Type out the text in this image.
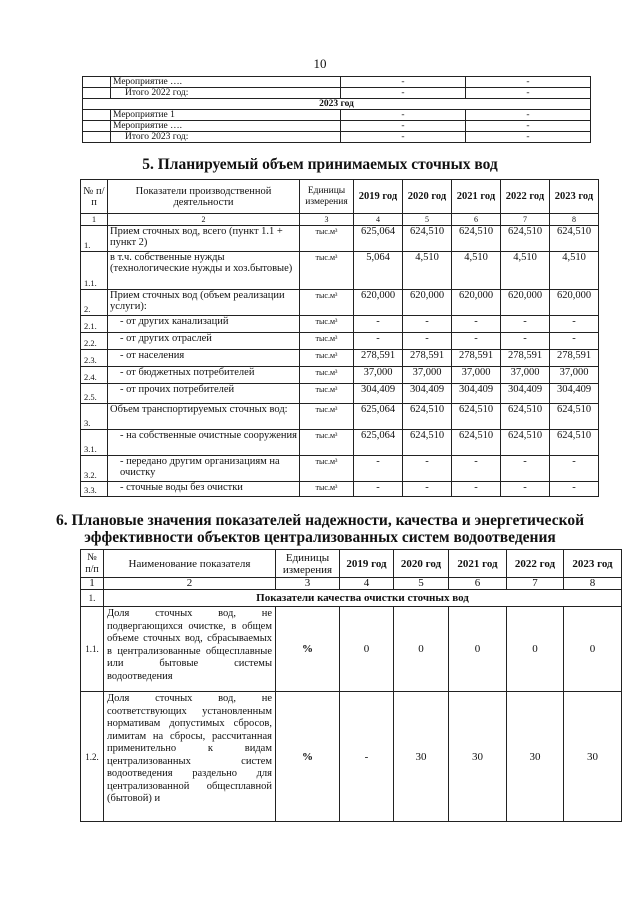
10
	Мероприятие ….	-	-
	Итого 2022 год:	-	-
2023 год			
	Мероприятие 1	-	-
	Мероприятие ….	-	-
	Итого 2023 год:	-	-
5. Планируемый объем принимаемых сточных вод
№ п/п	Показатели производственной деятельности	Единицы измерения	2019 год	2020 год	2021 год	2022 год	2023 год
1	2	3	4	5	6	7	8
1.	Прием сточных вод, всего (пункт 1.1 + пункт 2)	тыс.м³	625,064	624,510	624,510	624,510	624,510
1.1.	в т.ч. собственные нужды (технологические нужды и хоз.бытовые)	тыс.м³	5,064	4,510	4,510	4,510	4,510
2.	Прием сточных вод (объем реализации услуги):	тыс.м³	620,000	620,000	620,000	620,000	620,000
2.1.	- от других канализаций	тыс.м³	-	-	-	-	-
2.2.	- от других отраслей	тыс.м³	-	-	-	-	-
2.3.	- от населения	тыс.м³	278,591	278,591	278,591	278,591	278,591
2.4.	- от бюджетных потребителей	тыс.м³	37,000	37,000	37,000	37,000	37,000
2.5.	- от прочих потребителей	тыс.м³	304,409	304,409	304,409	304,409	304,409
3.	Объем транспортируемых сточных вод:	тыс.м³	625,064	624,510	624,510	624,510	624,510
3.1.	- на собственные очистные сооружения	тыс.м³	625,064	624,510	624,510	624,510	624,510
3.2.	- передано другим организациям на очистку	тыс.м³	-	-	-	-	-
3.3.	- сточные воды без очистки	тыс.м³	-	-	-	-	-
6. Плановые значения показателей надежности, качества и энергетической
эффективности объектов централизованных систем водоотведения
№ п/п	Наименование показателя	Единицы измерения	2019 год	2020 год	2021 год	2022 год	2023 год
1	2	3	4	5	6	7	8
1.	Показатели качества очистки сточных вод						
1.1.	Доля сточных вод, не подвергающихся очистке, в общем объеме сточных вод, сбрасываемых в централизованные общесплавные или бытовые системы водоотведения	%	0	0	0	0	0
1.2.	Доля сточных вод, не соответствующих установленным нормативам допустимых сбросов, лимитам на сбросы, рассчитанная применительно к видам централизованных систем водоотведения раздельно для централизованной общесплавной (бытовой) и	%	-	30	30	30	30
